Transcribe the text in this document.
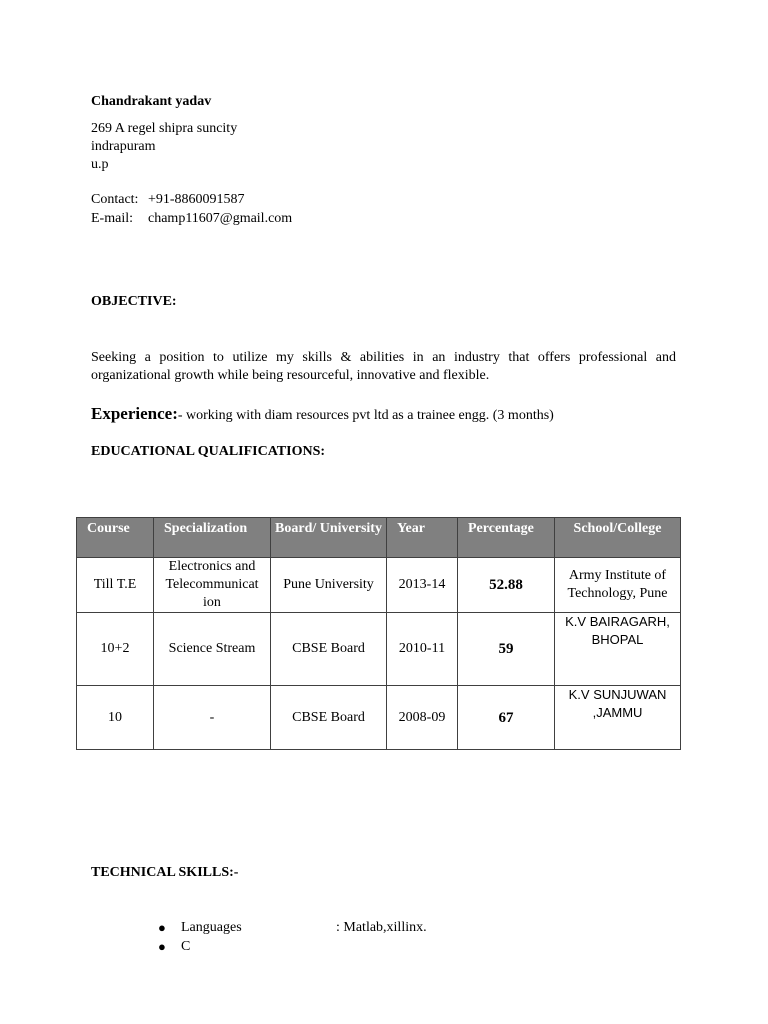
Chandrakant yadav
269 A regel shipra suncity
indrapuram
u.p
Contact: +91-8860091587
E-mail: champ11607@gmail.com
OBJECTIVE:
Seeking a position to utilize my skills & abilities in an industry that offers professional and organizational growth while being resourceful, innovative and flexible.
Experience:- working with diam resources pvt ltd as a trainee engg. (3 months)
EDUCATIONAL QUALIFICATIONS:
Course	Specialization	Board/ University	Year	Percentage	School/College
Till T.E	Electronics and Telecommunicat ion	Pune University	2013-14	52.88	Army Institute of Technology, Pune
10+2	Science Stream	CBSE Board	2010-11	59	K.V BAIRAGARH, BHOPAL
10	-	CBSE Board	2008-09	67	K.V SUNJUWAN ,JAMMU
TECHNICAL SKILLS:-
● Languages	: Matlab,xillinx.
● C
